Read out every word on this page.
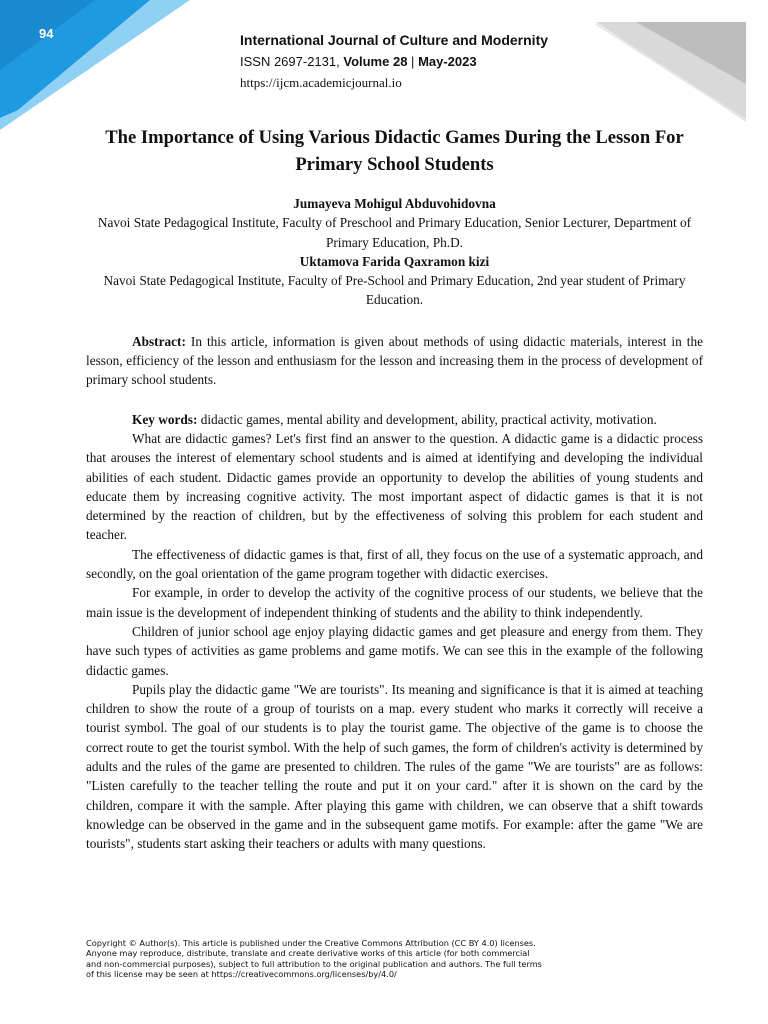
94	International Journal of Culture and Modernity
ISSN 2697-2131, Volume 28 | May-2023
https://ijcm.academicjournal.io
The Importance of Using Various Didactic Games During the Lesson For Primary School Students
Jumayeva Mohigul Abduvohidovna
Navoi State Pedagogical Institute, Faculty of Preschool and Primary Education, Senior Lecturer, Department of Primary Education, Ph.D.
Uktamova Farida Qaxramon kizi
Navoi State Pedagogical Institute, Faculty of Pre-School and Primary Education, 2nd year student of Primary Education.
Abstract: In this article, information is given about methods of using didactic materials, interest in the lesson, efficiency of the lesson and enthusiasm for the lesson and increasing them in the process of development of primary school students.
Key words: didactic games, mental ability and development, ability, practical activity, motivation.

What are didactic games? Let's first find an answer to the question. A didactic game is a didactic process that arouses the interest of elementary school students and is aimed at identifying and developing the individual abilities of each student. Didactic games provide an opportunity to develop the abilities of young students and educate them by increasing cognitive activity. The most important aspect of didactic games is that it is not determined by the reaction of children, but by the effectiveness of solving this problem for each student and teacher.

The effectiveness of didactic games is that, first of all, they focus on the use of a systematic approach, and secondly, on the goal orientation of the game program together with didactic exercises.

For example, in order to develop the activity of the cognitive process of our students, we believe that the main issue is the development of independent thinking of students and the ability to think independently.

Children of junior school age enjoy playing didactic games and get pleasure and energy from them. They have such types of activities as game problems and game motifs. We can see this in the example of the following didactic games.

Pupils play the didactic game "We are tourists". Its meaning and significance is that it is aimed at teaching children to show the route of a group of tourists on a map. every student who marks it correctly will receive a tourist symbol. The goal of our students is to play the tourist game. The objective of the game is to choose the correct route to get the tourist symbol. With the help of such games, the form of children's activity is determined by adults and the rules of the game are presented to children. The rules of the game "We are tourists" are as follows: "Listen carefully to the teacher telling the route and put it on your card." after it is shown on the card by the children, compare it with the sample. After playing this game with children, we can observe that a shift towards knowledge can be observed in the game and in the subsequent game motifs. For example: after the game "We are tourists", students start asking their teachers or adults with many questions.

Copyright © Author(s). This article is published under the Creative Commons Attribution (CC BY 4.0) licenses.
Anyone may reproduce, distribute, translate and create derivative works of this article (for both commercial
and non-commercial purposes), subject to full attribution to the original publication and authors. The full terms
of this license may be seen at https://creativecommons.org/licenses/by/4.0/
